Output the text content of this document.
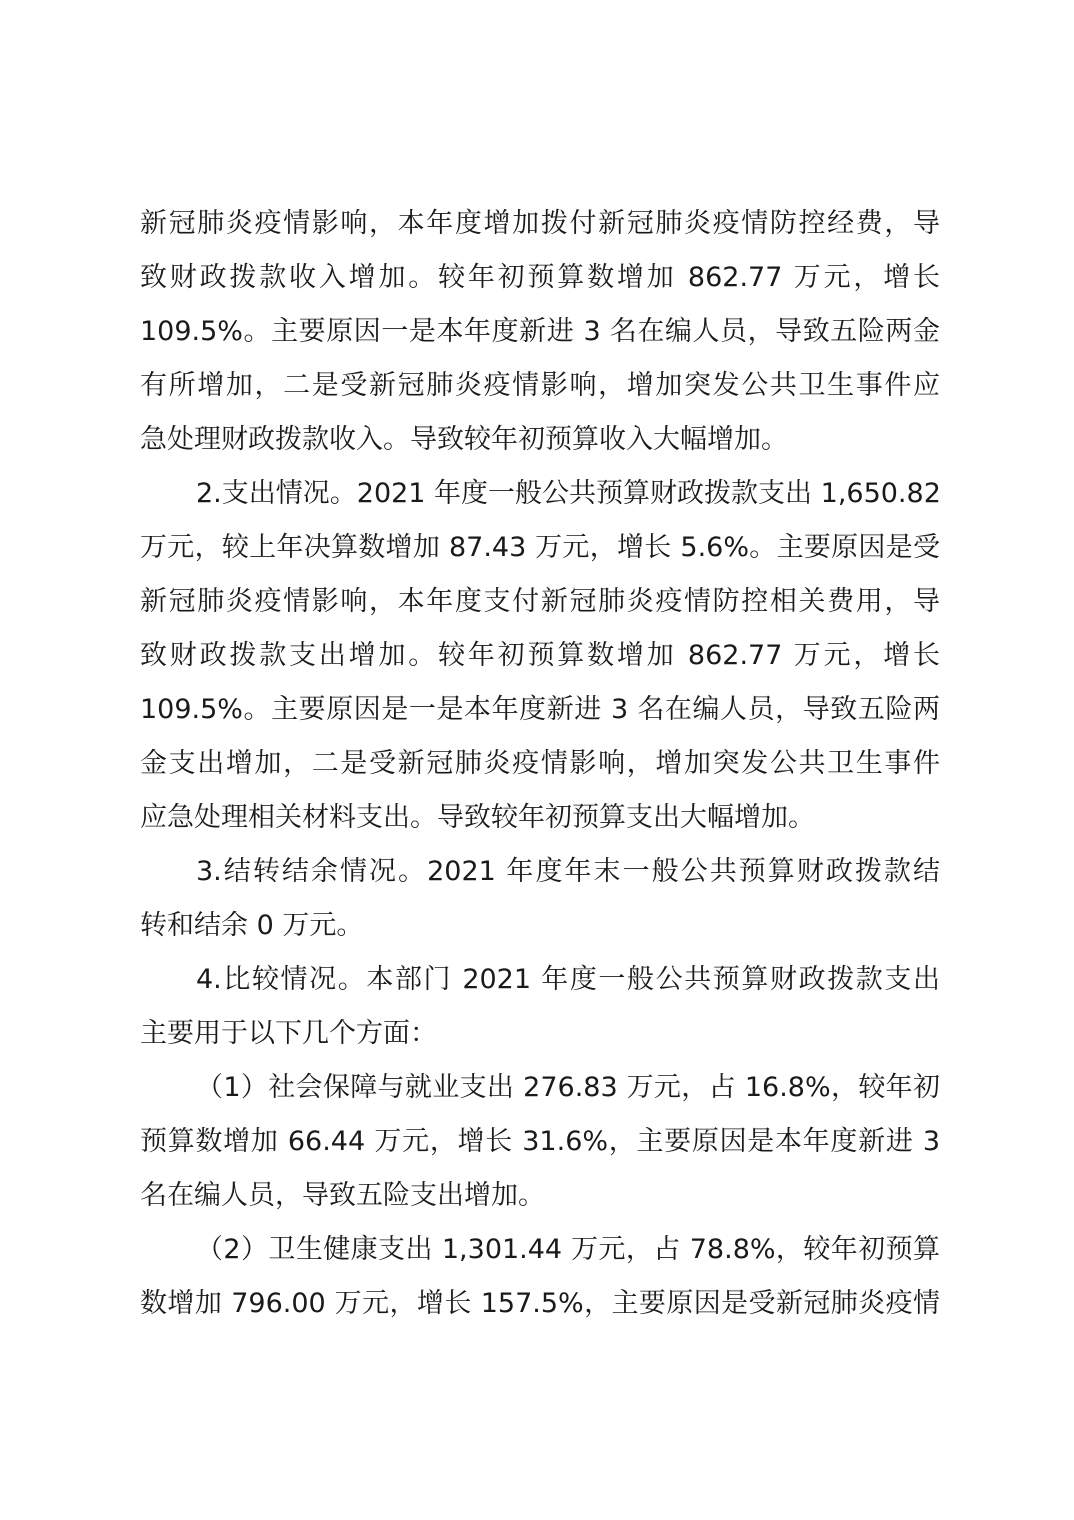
新冠肺炎疫情影响，本年度增加拨付新冠肺炎疫情防控经费，导
致财政拨款收入增加。较年初预算数增加 862.77 万元，增长
109.5%。主要原因一是本年度新进 3 名在编人员，导致五险两金
有所增加，二是受新冠肺炎疫情影响，增加突发公共卫生事件应
急处理财政拨款收入。导致较年初预算收入大幅增加。
2.支出情况。2021 年度一般公共预算财政拨款支出 1,650.82
万元，较上年决算数增加 87.43 万元，增长 5.6%。主要原因是受
新冠肺炎疫情影响，本年度支付新冠肺炎疫情防控相关费用，导
致财政拨款支出增加。较年初预算数增加 862.77 万元，增长
109.5%。主要原因是一是本年度新进 3 名在编人员，导致五险两
金支出增加，二是受新冠肺炎疫情影响，增加突发公共卫生事件
应急处理相关材料支出。导致较年初预算支出大幅增加。
3.结转结余情况。2021 年度年末一般公共预算财政拨款结
转和结余 0 万元。
4.比较情况。本部门 2021 年度一般公共预算财政拨款支出
主要用于以下几个方面：
（1）社会保障与就业支出 276.83 万元，占 16.8%，较年初
预算数增加 66.44 万元，增长 31.6%，主要原因是本年度新进 3
名在编人员，导致五险支出增加。
（2）卫生健康支出 1,301.44 万元，占 78.8%，较年初预算
数增加 796.00 万元，增长 157.5%，主要原因是受新冠肺炎疫情
